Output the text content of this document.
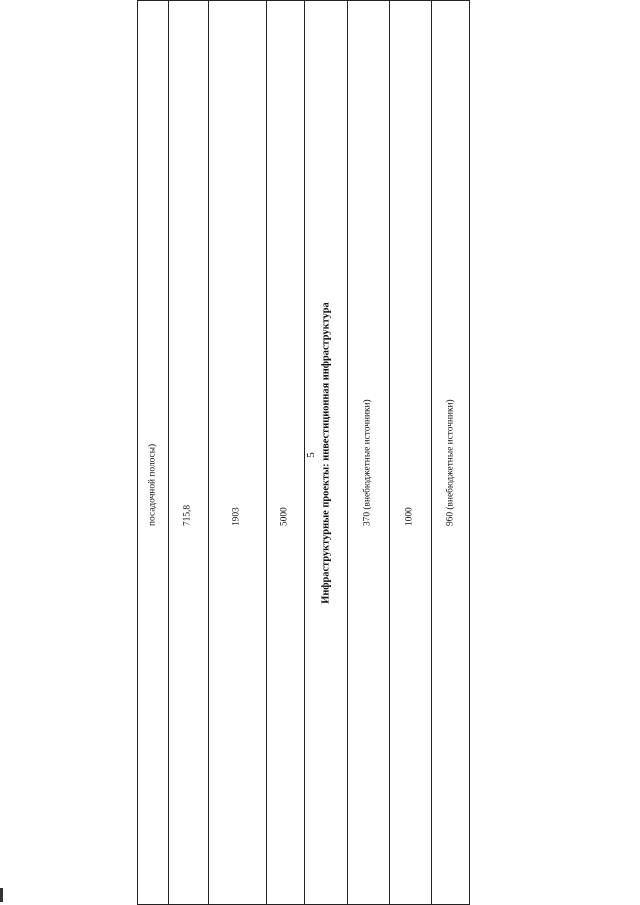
5

посадочной полосы)	715,8	1903	5000	Инфраструктурные проекты: инвестиционная инфраструктура	370 (внебюджетные источники)	1000	960 (внебюджетные источники)
